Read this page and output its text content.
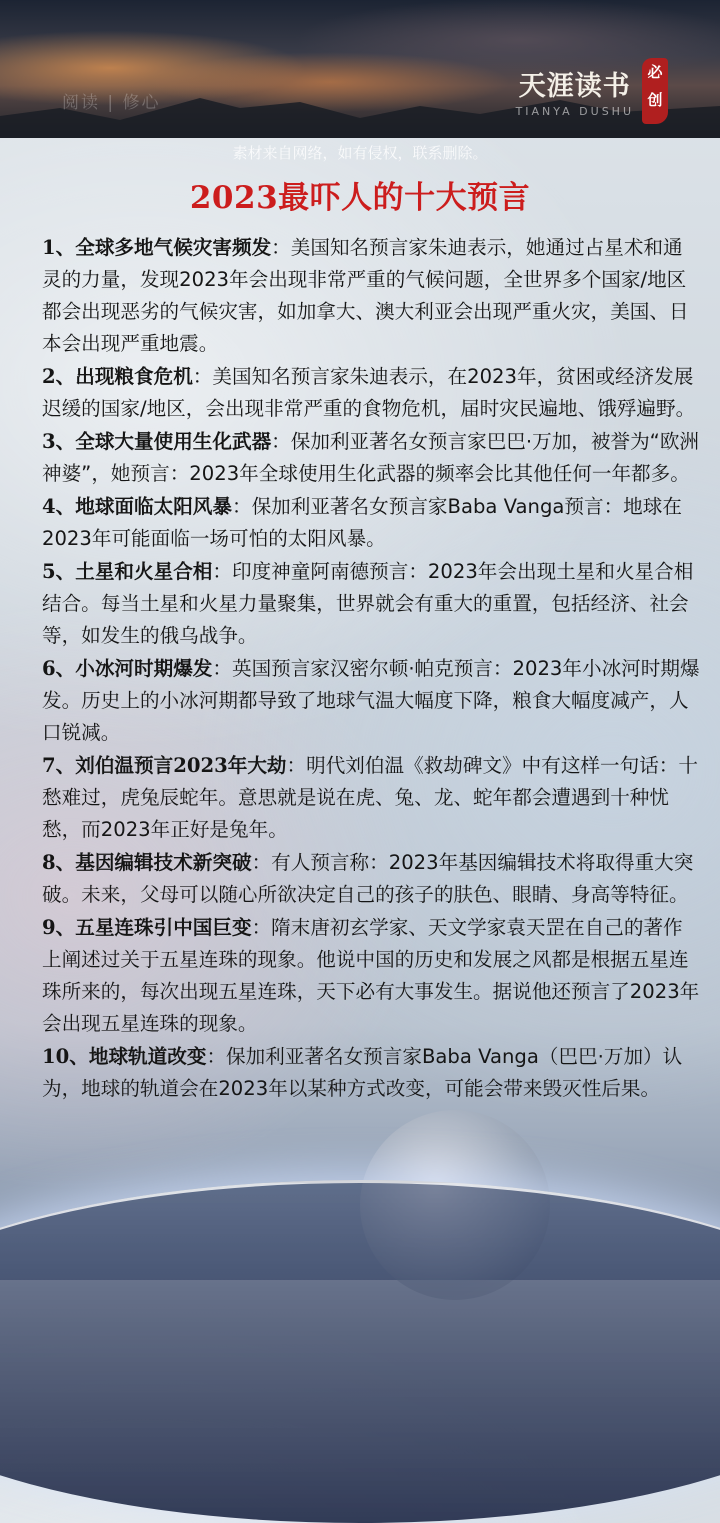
阅读 | 修心
天涯读书
TIANYA DUSHU
必创
素材来自网络，如有侵权，联系删除。
2023最吓人的十大预言
1、全球多地气候灾害频发：美国知名预言家朱迪表示，她通过占星术和通灵的力量，发现2023年会出现非常严重的气候问题，全世界多个国家/地区都会出现恶劣的气候灾害，如加拿大、澳大利亚会出现严重火灾，美国、日本会出现严重地震。
2、出现粮食危机：美国知名预言家朱迪表示，在2023年，贫困或经济发展迟缓的国家/地区，会出现非常严重的食物危机，届时灾民遍地、饿殍遍野。
3、全球大量使用生化武器：保加利亚著名女预言家巴巴·万加，被誉为“欧洲神婆”，她预言：2023年全球使用生化武器的频率会比其他任何一年都多。
4、地球面临太阳风暴：保加利亚著名女预言家Baba Vanga预言：地球在2023年可能面临一场可怕的太阳风暴。
5、土星和火星合相：印度神童阿南德预言：2023年会出现土星和火星合相结合。每当土星和火星力量聚集，世界就会有重大的重置，包括经济、社会等，如发生的俄乌战争。
6、小冰河时期爆发：英国预言家汉密尔顿·帕克预言：2023年小冰河时期爆发。历史上的小冰河期都导致了地球气温大幅度下降，粮食大幅度减产，人口锐减。
7、刘伯温预言2023年大劫：明代刘伯温《救劫碑文》中有这样一句话：十愁难过，虎兔辰蛇年。意思就是说在虎、兔、龙、蛇年都会遭遇到十种忧愁，而2023年正好是兔年。
8、基因编辑技术新突破：有人预言称：2023年基因编辑技术将取得重大突破。未来，父母可以随心所欲决定自己的孩子的肤色、眼睛、身高等特征。
9、五星连珠引中国巨变：隋末唐初玄学家、天文学家袁天罡在自己的著作上阐述过关于五星连珠的现象。他说中国的历史和发展之风都是根据五星连珠所来的，每次出现五星连珠，天下必有大事发生。据说他还预言了2023年会出现五星连珠的现象。
10、地球轨道改变：保加利亚著名女预言家Baba Vanga（巴巴·万加）认为，地球的轨道会在2023年以某种方式改变，可能会带来毁灭性后果。
